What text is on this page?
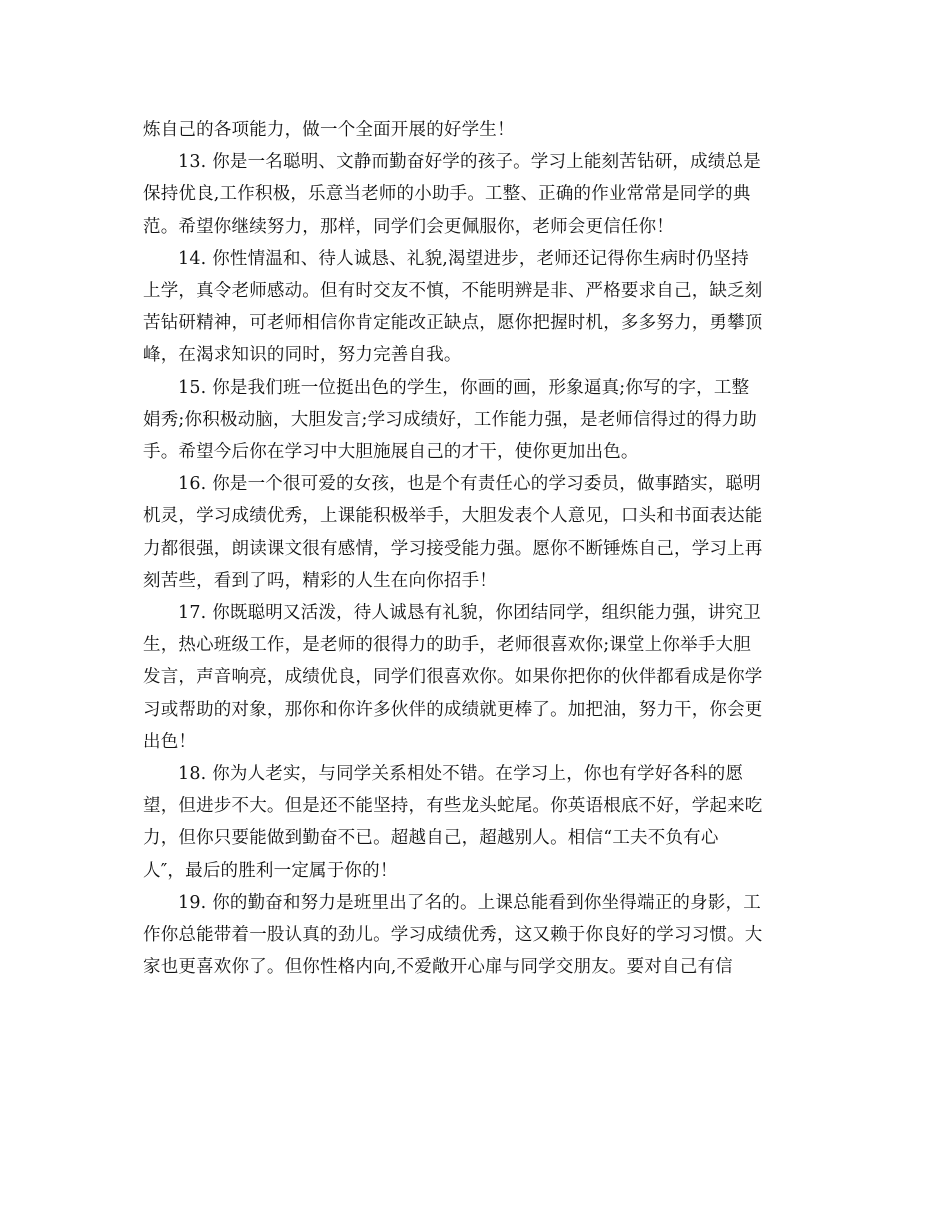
炼自己的各项能力，做一个全面开展的好学生！

13. 你是一名聪明、文静而勤奋好学的孩子。学习上能刻苦钻研，成绩总是
保持优良,工作积极，乐意当老师的小助手。工整、正确的作业常常是同学的典
范。希望你继续努力，那样，同学们会更佩服你，老师会更信任你！

14. 你性情温和、待人诚恳、礼貌,渴望进步，老师还记得你生病时仍坚持
上学，真令老师感动。但有时交友不慎，不能明辨是非、严格要求自己，缺乏刻
苦钻研精神，可老师相信你肯定能改正缺点，愿你把握时机，多多努力，勇攀顶
峰，在渴求知识的同时，努力完善自我。

15. 你是我们班一位挺出色的学生，你画的画，形象逼真;你写的字，工整
娟秀;你积极动脑，大胆发言;学习成绩好，工作能力强，是老师信得过的得力助
手。希望今后你在学习中大胆施展自己的才干，使你更加出色。

16. 你是一个很可爱的女孩，也是个有责任心的学习委员，做事踏实，聪明
机灵，学习成绩优秀，上课能积极举手，大胆发表个人意见，口头和书面表达能
力都很强，朗读课文很有感情，学习接受能力强。愿你不断锤炼自己，学习上再
刻苦些，看到了吗，精彩的人生在向你招手！

17. 你既聪明又活泼，待人诚恳有礼貌，你团结同学，组织能力强，讲究卫
生，热心班级工作，是老师的很得力的助手，老师很喜欢你;课堂上你举手大胆
发言，声音响亮，成绩优良，同学们很喜欢你。如果你把你的伙伴都看成是你学
习或帮助的对象，那你和你许多伙伴的成绩就更棒了。加把油，努力干，你会更
出色！

18. 你为人老实，与同学关系相处不错。在学习上，你也有学好各科的愿
望，但进步不大。但是还不能坚持，有些龙头蛇尾。你英语根底不好，学起来吃
力，但你只要能做到勤奋不已。超越自己，超越别人。相信“工夫不负有心
人″，最后的胜利一定属于你的！

19. 你的勤奋和努力是班里出了名的。上课总能看到你坐得端正的身影，工
作你总能带着一股认真的劲儿。学习成绩优秀，这又赖于你良好的学习习惯。大
家也更喜欢你了。但你性格内向,不爱敞开心扉与同学交朋友。要对自己有信
